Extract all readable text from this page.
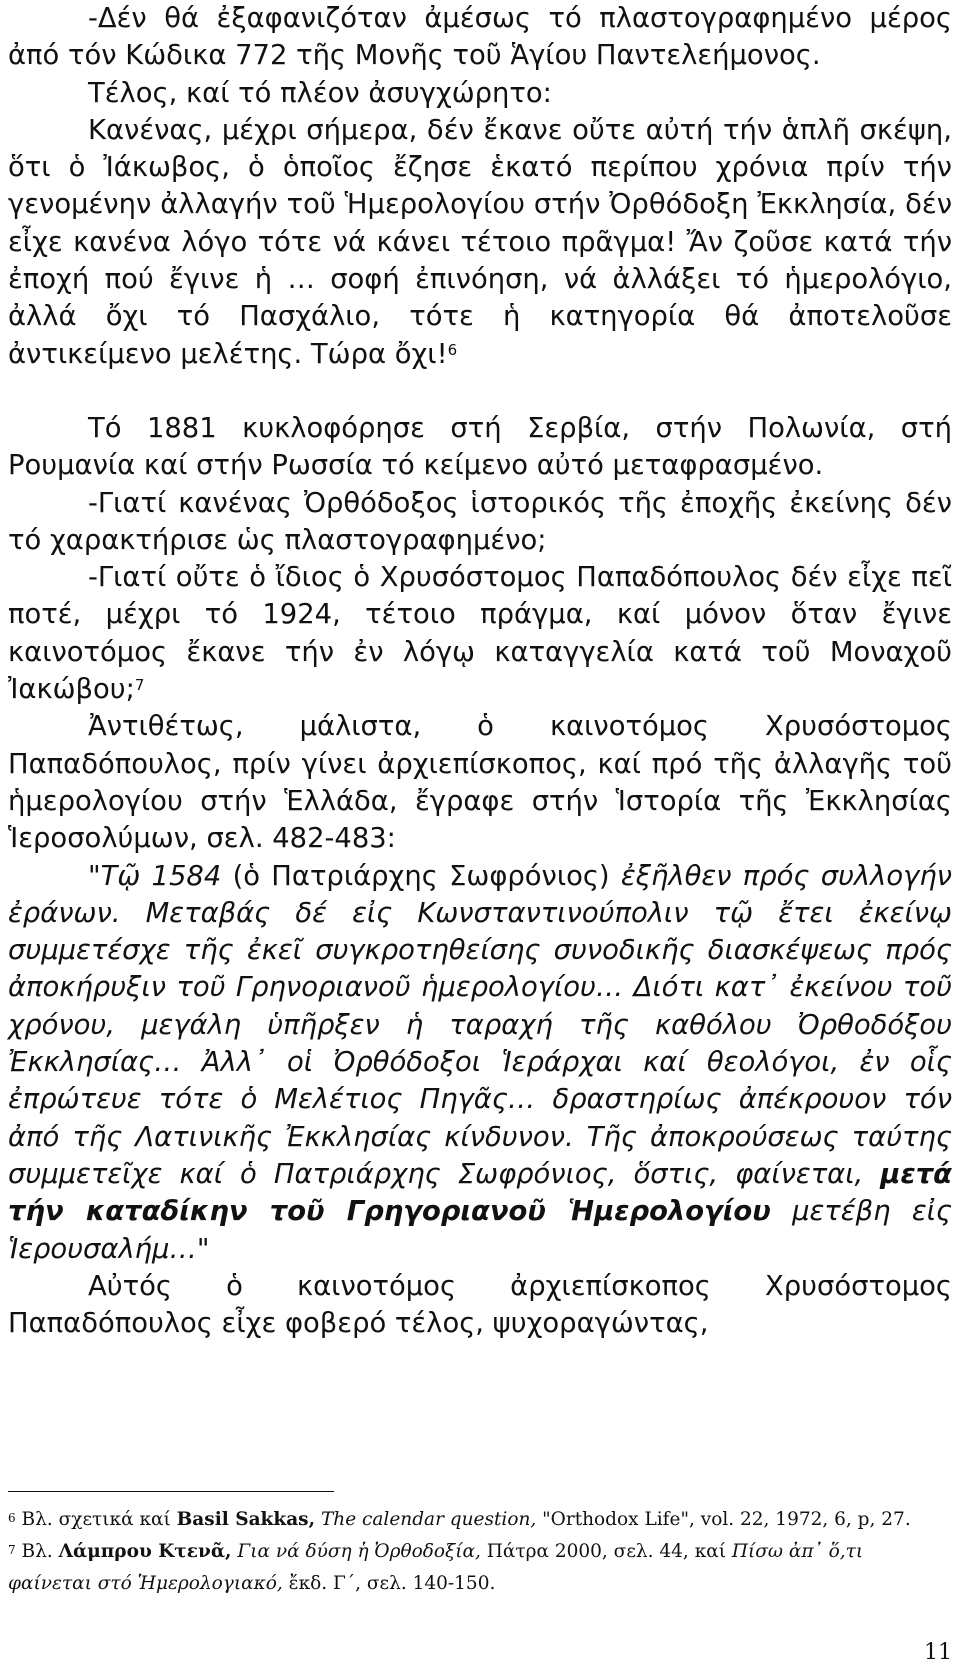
-Δέν θά ἐξαφανιζόταν ἀμέσως τό πλαστογραφημένο μέρος ἀπό τόν Κώδικα 772 τῆς Μονῆς τοῦ Ἁγίου Παντελεήμονος.

Τέλος, καί τό πλέον ἀσυγχώρητο:

Κανένας, μέχρι σήμερα, δέν ἔκανε οὔτε αὐτή τήν ἁπλῆ σκέψη, ὅτι ὁ Ἰάκωβος, ὁ ὁποῖος ἔζησε ἑκατό περίπου χρόνια πρίν τήν γενομένην ἀλλαγήν τοῦ Ἡμερολογίου στήν Ὀρθόδοξη Ἐκκλησία, δέν εἶχε κανένα λόγο τότε νά κάνει τέτοιο πρᾶγμα! Ἄν ζοῦσε κατά τήν ἐποχή πού ἔγινε ἡ … σοφή ἐπινόηση, νά ἀλλάξει τό ἡμερολόγιο, ἀλλά ὄχι τό Πασχάλιο, τότε ἡ κατηγορία θά ἀποτελοῦσε ἀντικείμενο μελέτης. Τώρα ὄχι!$^6$

Τό 1881 κυκλοφόρησε στή Σερβία, στήν Πολωνία, στή Ρουμανία καί στήν Ρωσσία τό κείμενο αὐτό μεταφρασμένο.

-Γιατί κανένας Ὀρθόδοξος ἱστορικός τῆς ἐποχῆς ἐκείνης δέν τό χαρακτήρισε ὡς πλαστογραφημένο;

-Γιατί οὔτε ὁ ἴδιος ὁ Χρυσόστομος Παπαδόπουλος δέν εἶχε πεῖ ποτέ, μέχρι τό 1924, τέτοιο πράγμα, καί μόνον ὅταν ἔγινε καινοτόμος ἔκανε τήν ἐν λόγῳ καταγγελία κατά τοῦ Μοναχοῦ Ἰακώβου;$^7$

Ἀντιθέτως, μάλιστα, ὁ καινοτόμος Χρυσόστομος Παπαδόπουλος, πρίν γίνει ἀρχιεπίσκοπος, καί πρό τῆς ἀλλαγῆς τοῦ ἡμερολογίου στήν Ἑλλάδα, ἔγραφε στήν Ἱστορία τῆς Ἐκκλησίας Ἱεροσολύμων, σελ. 482-483:

"Τῷ 1584 (ὁ Πατριάρχης Σωφρόνιος) ἐξῆλθεν πρός συλλογήν ἐράνων. Μεταβάς δέ εἰς Κωνσταντινούπολιν τῷ ἔτει ἐκείνῳ συμμετέσχε τῆς ἐκεῖ συγκροτηθείσης συνοδικῆς διασκέψεως πρός ἀποκήρυξιν τοῦ Γρηνοριανοῦ ἡμερολογίου… Διότι κατ᾽ ἐκείνου τοῦ χρόνου, μεγάλη ὑπῆρξεν ἡ ταραχή τῆς καθόλου Ὀρθοδόξου Ἐκκλησίας… Ἀλλ᾽ οἱ Ὀρθόδοξοι Ἱεράρχαι καί θεολόγοι, ἐν οἷς ἐπρώτευε τότε ὁ Μελέτιος Πηγᾶς… δραστηρίως ἀπέκρουον τόν ἀπό τῆς Λατινικῆς Ἐκκλησίας κίνδυνον. Τῆς ἀποκρούσεως ταύτης συμμετεῖχε καί ὁ Πατριάρχης Σωφρόνιος, ὅστις, φαίνεται, μετά τήν καταδίκην τοῦ Γρηγοριανοῦ Ἡμερολογίου μετέβη εἰς Ἱερουσαλήμ…"

Αὐτός ὁ καινοτόμος ἀρχιεπίσκοπος Χρυσόστομος Παπαδόπουλος εἶχε φοβερό τέλος, ψυχοραγώντας,

$^6$ Βλ. σχετικά καί Basil Sakkas, The calendar question, "Orthodox Life", vol. 22, 1972, 6, p, 27.

$^7$ Βλ. Λάμπρου Κτενᾶ, Για νά δύση ἡ Ὀρθοδοξία, Πάτρα 2000, σελ. 44, καί Πίσω ἀπ᾽ ὅ,τι φαίνεται στό Ἡμερολογιακό, ἔκδ. Γ΄, σελ. 140-150.

11
